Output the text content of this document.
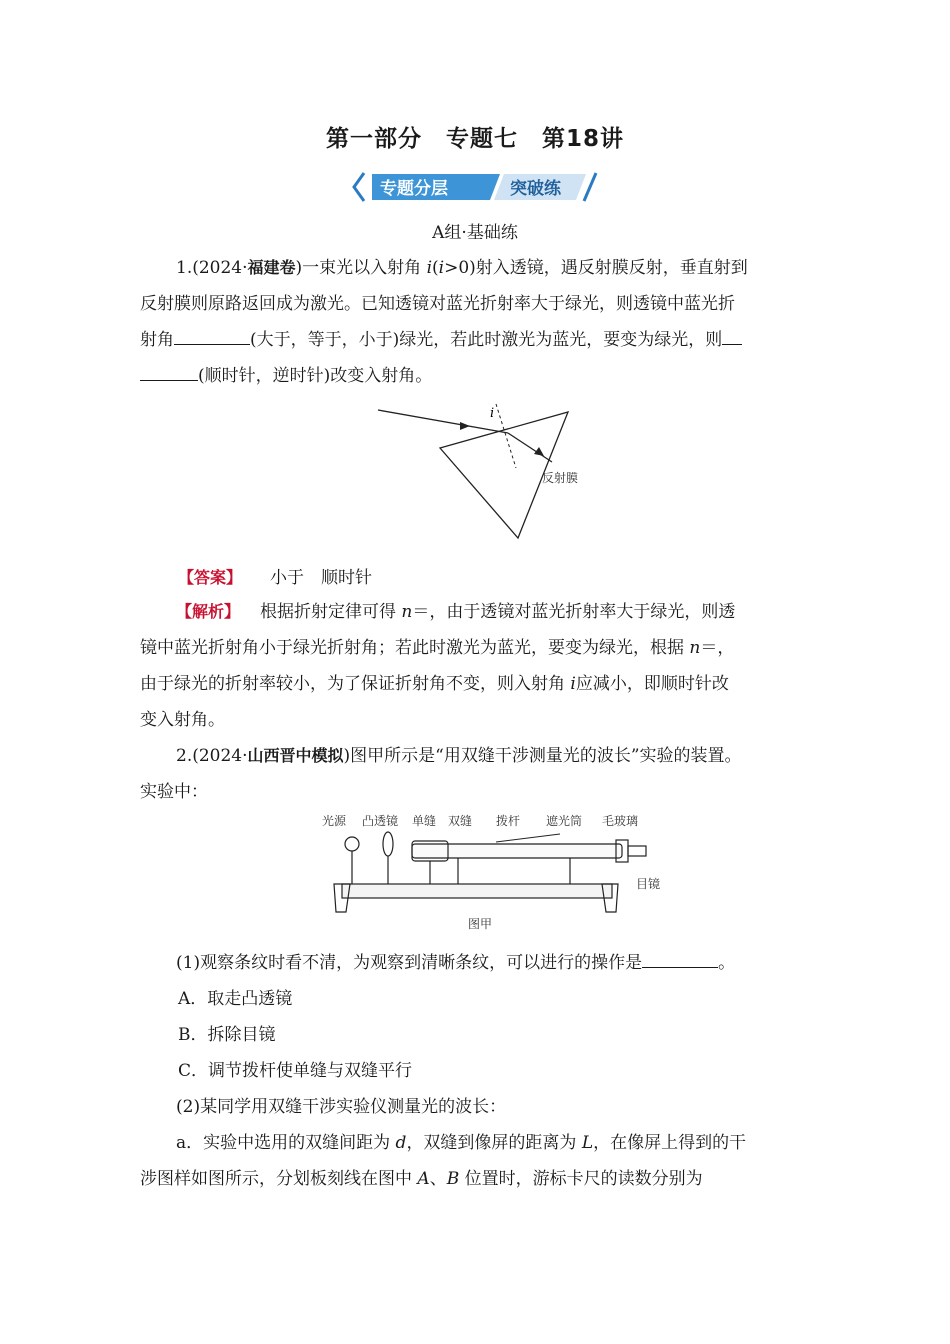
第一部分　专题七　第18讲
专题分层	突破练
A组·基础练
1.(2024·福建卷)一束光以入射角 i(i>0)射入透镜，遇反射膜反射，垂直射到
反射膜则原路返回成为激光。已知透镜对蓝光折射率大于绿光，则透镜中蓝光折
射角	(大于，等于，小于)绿光，若此时激光为蓝光，要变为绿光，则
(顺时针，逆时针)改变入射角。
i
反射膜
【答案】 小于　顺时针
【解析】 根据折射定律可得 n＝，由于透镜对蓝光折射率大于绿光，则透
镜中蓝光折射角小于绿光折射角；若此时激光为蓝光，要变为绿光，根据 n＝，
由于绿光的折射率较小，为了保证折射角不变，则入射角 i应减小，即顺时针改
变入射角。
2.(2024·山西晋中模拟)图甲所示是“用双缝干涉测量光的波长”实验的装置。
实验中：
光源 凸透镜 单缝 双缝 拨杆 遮光筒 毛玻璃
目镜
图甲
(1)观察条纹时看不清，为观察到清晰条纹，可以进行的操作是	。
A．取走凸透镜
B．拆除目镜
C．调节拨杆使单缝与双缝平行
(2)某同学用双缝干涉实验仪测量光的波长：
a．实验中选用的双缝间距为 d，双缝到像屏的距离为 L，在像屏上得到的干
涉图样如图所示，分划板刻线在图中 A、B 位置时，游标卡尺的读数分别为
